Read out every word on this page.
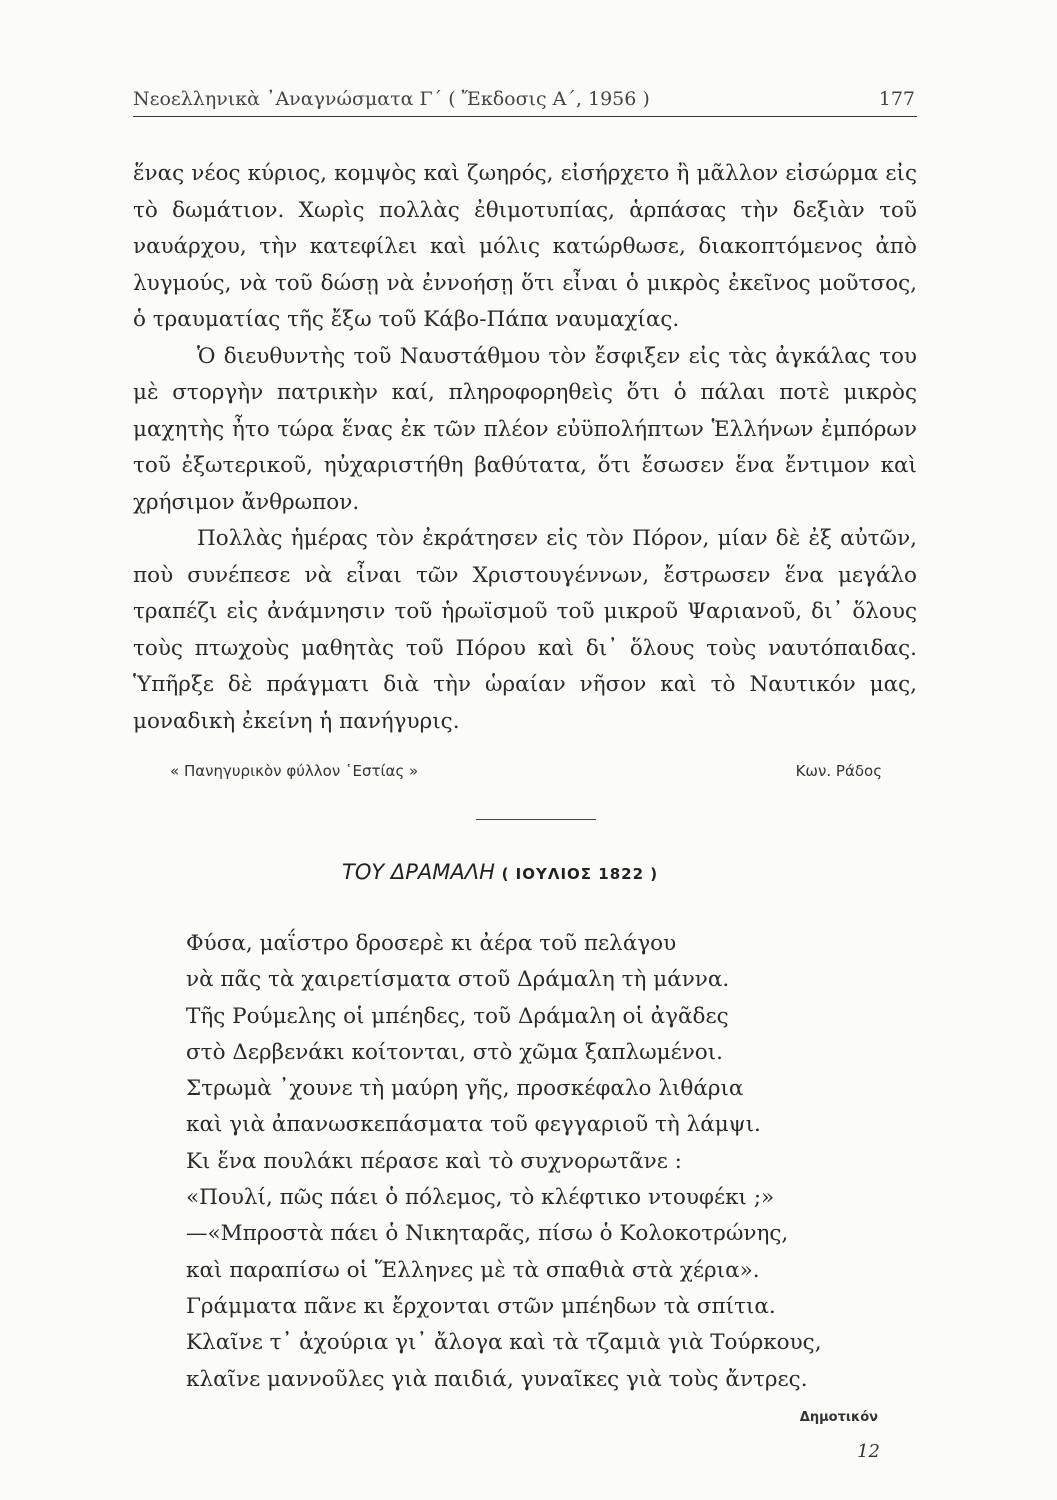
Νεοελληνικὰ ᾿Αναγνώσματα Γ΄ ( Ἔκδοσις Α΄, 1956 )	177

ἕνας νέος κύριος, κομψὸς καὶ ζωηρός, εἰσήρχετο ἢ μᾶλλον εἰσώρμα εἰς τὸ δωμάτιον. Χωρὶς πολλὰς ἐθιμοτυπίας, ἁρπάσας τὴν δεξιὰν τοῦ ναυάρχου, τὴν κατεφίλει καὶ μόλις κατώρθωσε, διακοπτόμενος ἀπὸ λυγμούς, νὰ τοῦ δώσῃ νὰ ἐννοήσῃ ὅτι εἶναι ὁ μικρὸς ἐκεῖνος μοῦτσος, ὁ τραυματίας τῆς ἔξω τοῦ Κάβο-Πάπα ναυμαχίας.

Ὁ διευθυντὴς τοῦ Ναυστάθμου τὸν ἔσφιξεν εἰς τὰς ἀγκάλας του μὲ στοργὴν πατρικὴν καί, πληροφορηθεὶς ὅτι ὁ πάλαι ποτὲ μικρὸς μαχητὴς ἦτο τώρα ἕνας ἐκ τῶν πλέον εὐϋπολήπτων Ἑλλήνων ἐμπόρων τοῦ ἐξωτερικοῦ, ηὐχαριστήθη βαθύτατα, ὅτι ἔσωσεν ἕνα ἔντιμον καὶ χρήσιμον ἄνθρωπον.

Πολλὰς ἡμέρας τὸν ἐκράτησεν εἰς τὸν Πόρον, μίαν δὲ ἐξ αὐτῶν, ποὺ συνέπεσε νὰ εἶναι τῶν Χριστουγέννων, ἔστρωσεν ἕνα μεγάλο τραπέζι εἰς ἀνάμνησιν τοῦ ἡρωϊσμοῦ τοῦ μικροῦ Ψαριανοῦ, δι᾿ ὅλους τοὺς πτωχοὺς μαθητὰς τοῦ Πόρου καὶ δι᾿ ὅλους τοὺς ναυτόπαιδας. Ὑπῆρξε δὲ πράγματι διὰ τὴν ὡραίαν νῆσον καὶ τὸ Ναυτικόν μας, μοναδικὴ ἐκείνη ἡ πανήγυρις.

« Πανηγυρικὸν φύλλον ῾Εστίας »	Κων. Ράδος
ΤΟΥ ΔΡΑΜΑΛΗ ( ΙΟΥΛΙΟΣ 1822 )
Φύσα, μαΐστρο δροσερὲ κι ἀέρα τοῦ πελάγου
νὰ πᾶς τὰ χαιρετίσματα στοῦ Δράμαλη τὴ μάννα.
Τῆς Ρούμελης οἱ μπέηδες, τοῦ Δράμαλη οἱ ἀγᾶδες
στὸ Δερβενάκι κοίτονται, στὸ χῶμα ξαπλωμένοι.
Στρωμὰ ᾿χουνε τὴ μαύρη γῆς, προσκέφαλο λιθάρια
καὶ γιὰ ἀπανωσκεπάσματα τοῦ φεγγαριοῦ τὴ λάμψι.
Κι ἕνα πουλάκι πέρασε καὶ τὸ συχνορωτᾶνε :
«Πουλί, πῶς πάει ὁ πόλεμος, τὸ κλέφτικο ντουφέκι ;»
—«Μπροστὰ πάει ὁ Νικηταρᾶς, πίσω ὁ Κολοκοτρώνης,
καὶ παραπίσω οἱ Ἕλληνες μὲ τὰ σπαθιὰ στὰ χέρια».
Γράμματα πᾶνε κι ἔρχονται στῶν μπέηδων τὰ σπίτια.
Κλαῖνε τ᾿ ἀχούρια γι᾿ ἄλογα καὶ τὰ τζαμιὰ γιὰ Τούρκους,
κλαῖνε μαννοῦλες γιὰ παιδιά, γυναῖκες γιὰ τοὺς ἄντρες.
Δημοτικόν
12
